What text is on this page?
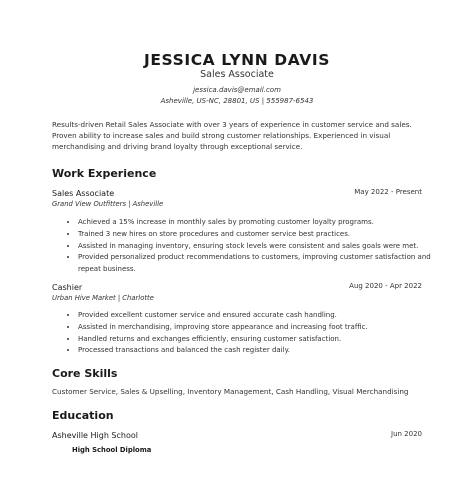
JESSICA LYNN DAVIS
Sales Associate
jessica.davis@email.com
Asheville, US-NC, 28801, US | 555987-6543

Results-driven Retail Sales Associate with over 3 years of experience in customer service and sales. Proven ability to increase sales and build strong customer relationships. Experienced in visual merchandising and driving brand loyalty through exceptional service.

Work Experience
Sales Associate	May 2022 - Present
Grand View Outfitters | Asheville
• Achieved a 15% increase in monthly sales by promoting customer loyalty programs.
• Trained 3 new hires on store procedures and customer service best practices.
• Assisted in managing inventory, ensuring stock levels were consistent and sales goals were met.
• Provided personalized product recommendations to customers, improving customer satisfaction and repeat business.
Cashier	Aug 2020 - Apr 2022
Urban Hive Market | Charlotte
• Provided excellent customer service and ensured accurate cash handling.
• Assisted in merchandising, improving store appearance and increasing foot traffic.
• Handled returns and exchanges efficiently, ensuring customer satisfaction.
• Processed transactions and balanced the cash register daily.
Core Skills
Customer Service, Sales & Upselling, Inventory Management, Cash Handling, Visual Merchandising
Education
Asheville High School	Jun 2020
High School Diploma
